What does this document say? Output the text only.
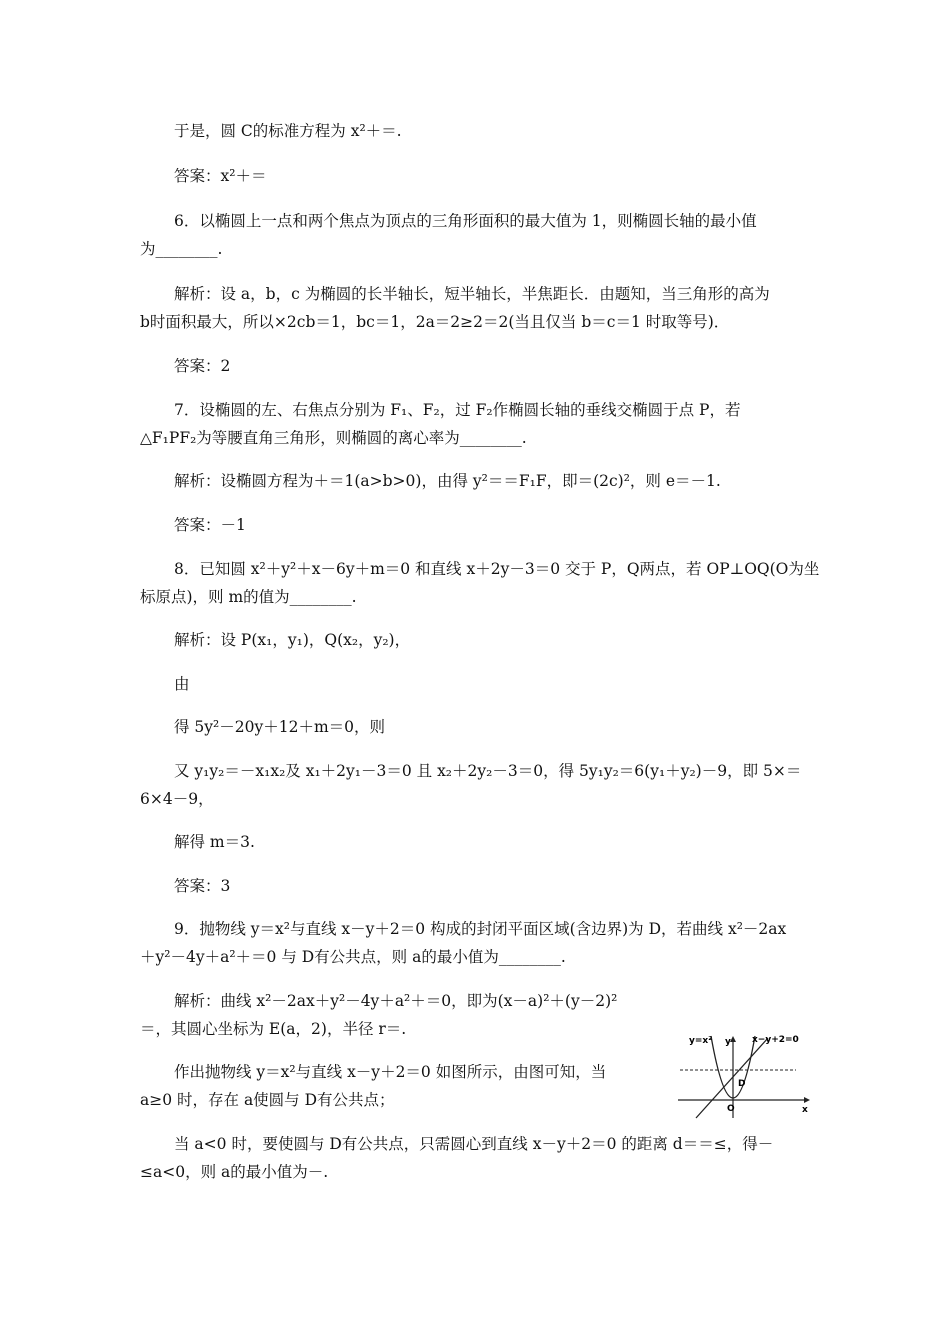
于是，圆 C的标准方程为 x²＋＝.
答案：x²＋＝
6．以椭圆上一点和两个焦点为顶点的三角形面积的最大值为 1，则椭圆长轴的最小值
为________.
解析：设 a，b，c 为椭圆的长半轴长，短半轴长，半焦距长．由题知，当三角形的高为
b时面积最大，所以×2cb＝1，bc＝1，2a＝2≥2＝2(当且仅当 b＝c＝1 时取等号)．
答案：2
7．设椭圆的左、右焦点分别为 F₁、F₂，过 F₂作椭圆长轴的垂线交椭圆于点 P，若
△F₁PF₂为等腰直角三角形，则椭圆的离心率为________.
解析：设椭圆方程为＋＝1(a>b>0)，由得 y²＝＝F₁F，即＝(2c)²，则 e＝－1.
答案：－1
8．已知圆 x²＋y²＋x－6y＋m＝0 和直线 x＋2y－3＝0 交于 P，Q两点，若 OP⊥OQ(O为坐
标原点)，则 m的值为________.
解析：设 P(x₁，y₁)，Q(x₂，y₂)，
由
得 5y²－20y＋12＋m＝0，则
又 y₁y₂＝－x₁x₂及 x₁＋2y₁－3＝0 且 x₂＋2y₂－3＝0，得 5y₁y₂＝6(y₁＋y₂)－9，即 5×＝
6×4－9，
解得 m＝3.
答案：3
9．抛物线 y＝x²与直线 x－y＋2＝0 构成的封闭平面区域(含边界)为 D，若曲线 x²－2ax
＋y²－4y＋a²＋＝0 与 D有公共点，则 a的最小值为________.
解析：曲线 x²－2ax＋y²－4y＋a²＋＝0，即为(x－a)²＋(y－2)²
＝，其圆心坐标为 E(a，2)，半径 r＝.
作出抛物线 y＝x²与直线 x－y＋2＝0 如图所示，由图可知，当
a≥0 时，存在 a使圆与 D有公共点；
当 a<0 时，要使圆与 D有公共点，只需圆心到直线 x－y＋2＝0 的距离 d＝＝≤，得－
≤a<0，则 a的最小值为－.
y=x² y x−y+2=0
D
O	x
